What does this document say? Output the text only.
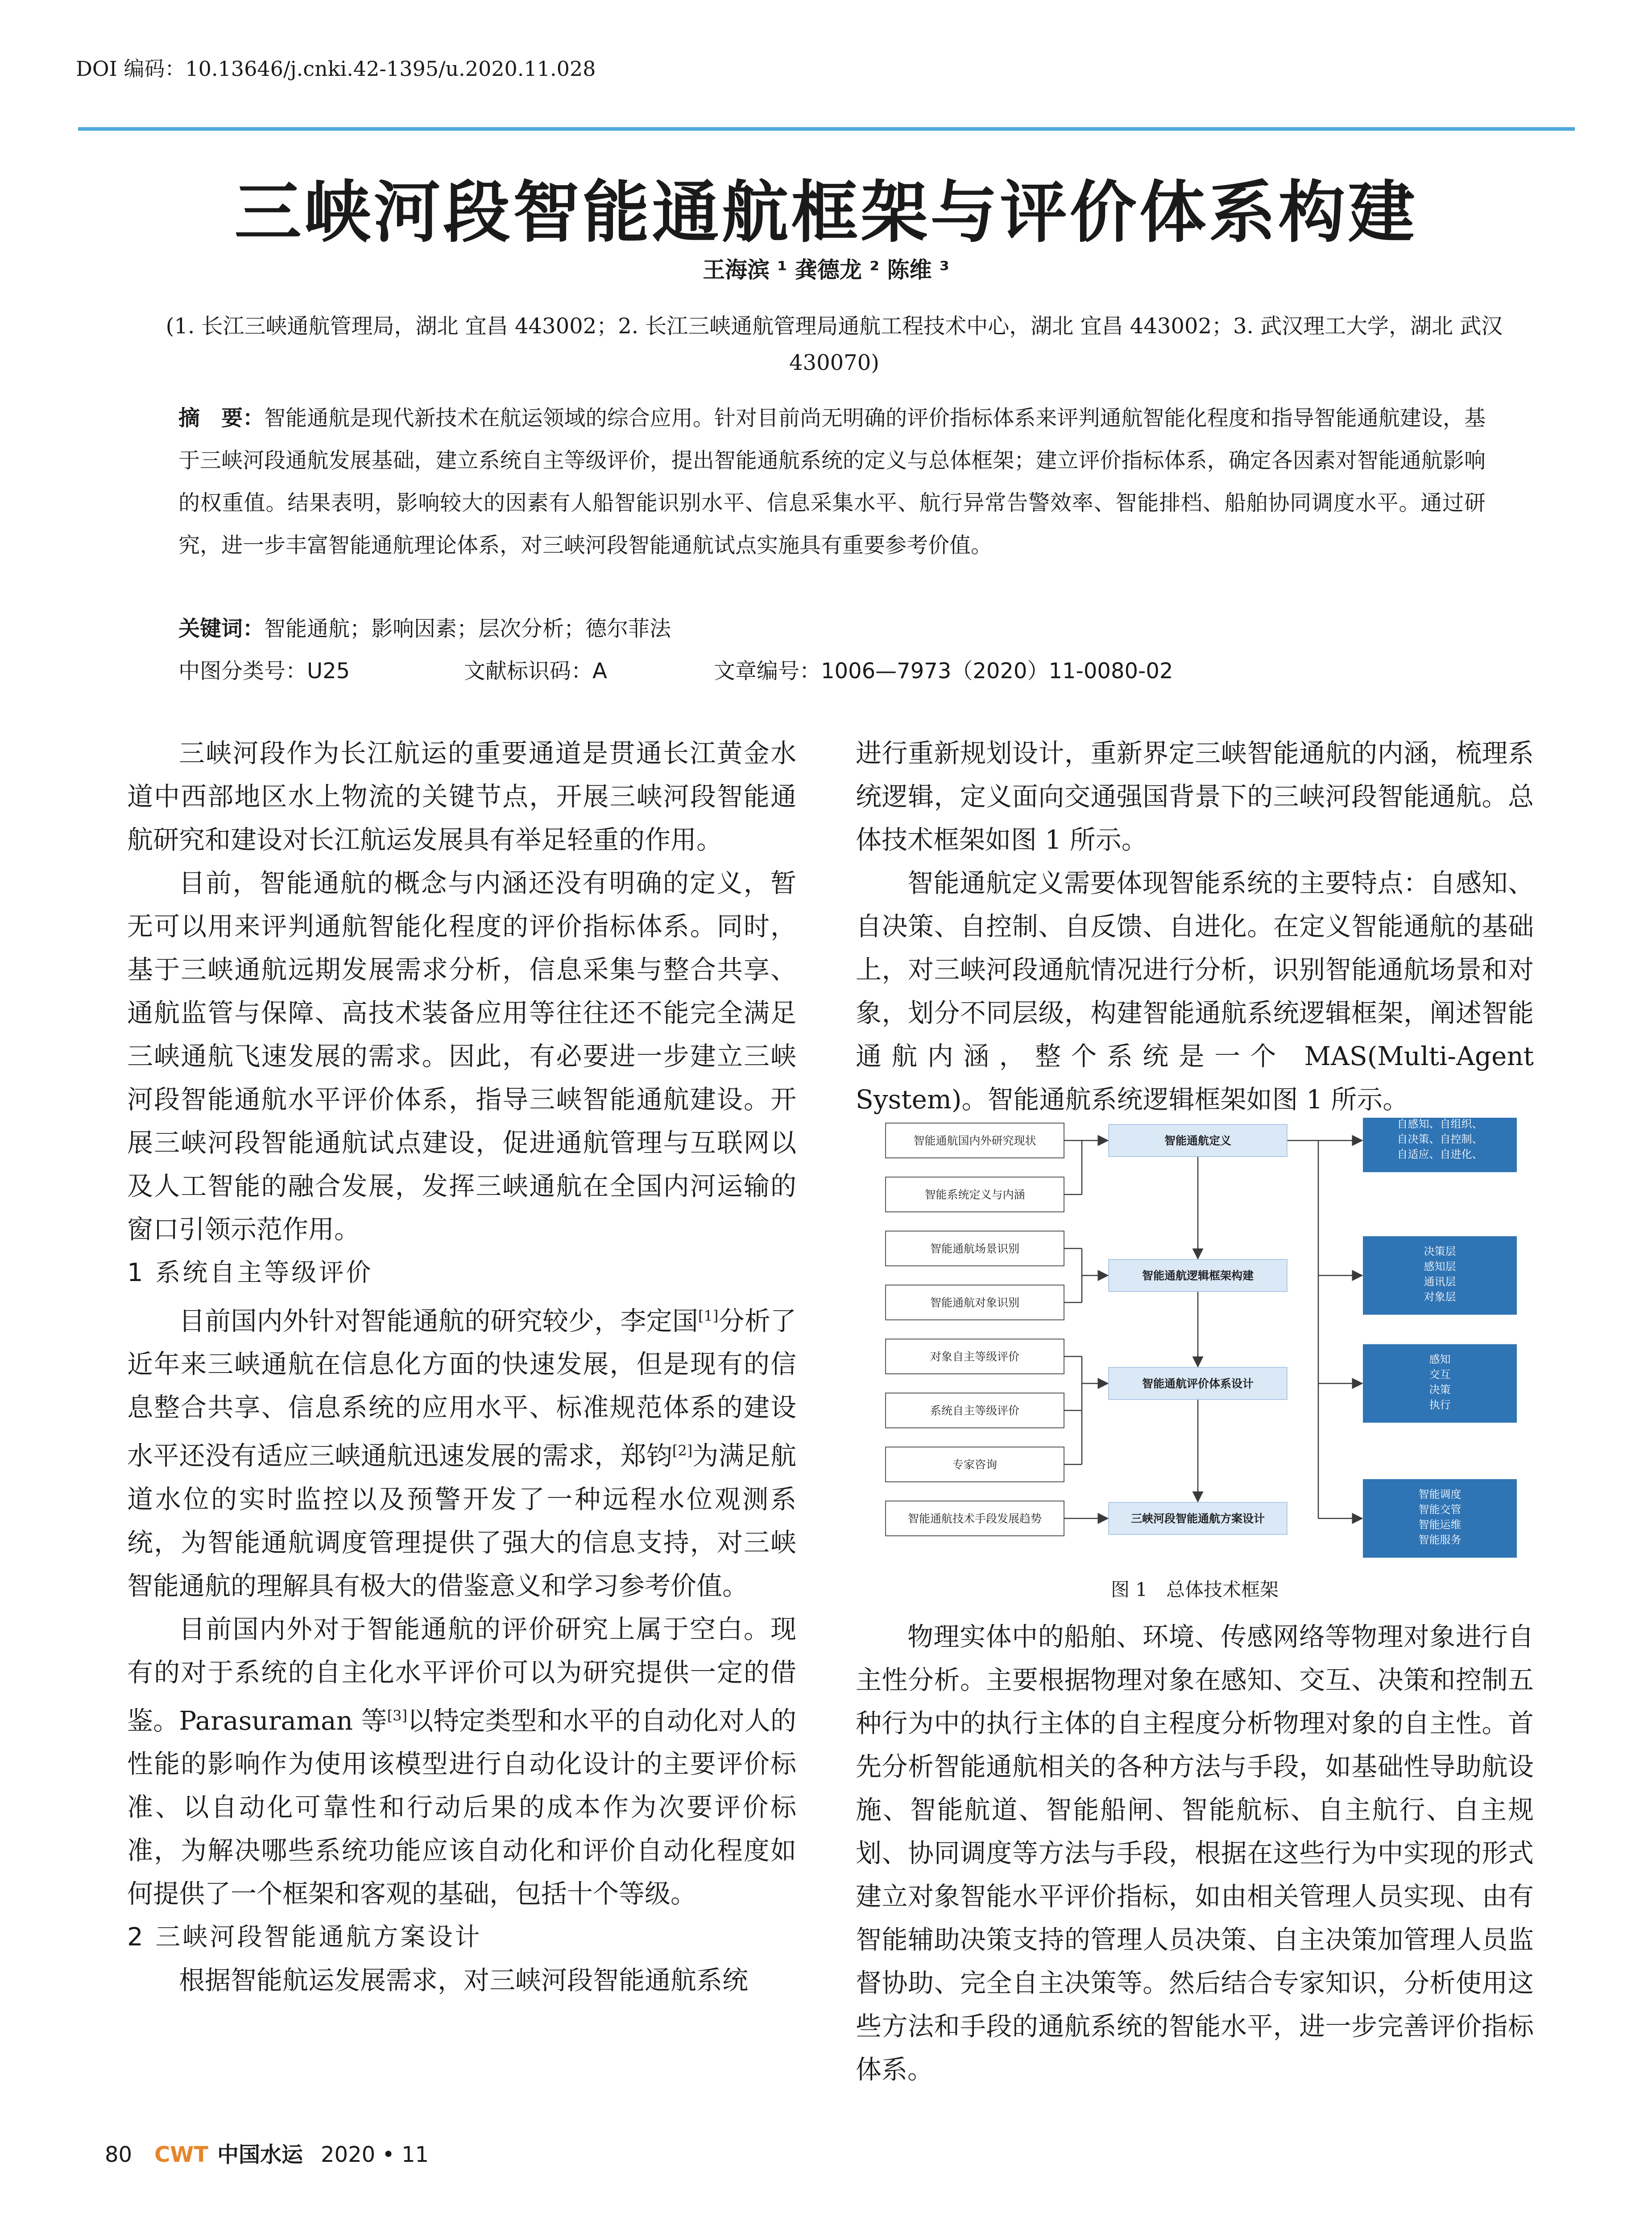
DOI 编码：10.13646/j.cnki.42-1395/u.2020.11.028
三峡河段智能通航框架与评价体系构建
王海滨 ¹ 龚德龙 ² 陈维 ³
(1. 长江三峡通航管理局，湖北 宜昌 443002；2. 长江三峡通航管理局通航工程技术中心，湖北 宜昌 443002；3. 武汉理工大学，湖北 武汉 430070)
摘　要：智能通航是现代新技术在航运领域的综合应用。针对目前尚无明确的评价指标体系来评判通航智能化程度和指导智能通航建设，基于三峡河段通航发展基础，建立系统自主等级评价，提出智能通航系统的定义与总体框架；建立评价指标体系，确定各因素对智能通航影响的权重值。结果表明，影响较大的因素有人船智能识别水平、信息采集水平、航行异常告警效率、智能排档、船舶协同调度水平。通过研究，进一步丰富智能通航理论体系，对三峡河段智能通航试点实施具有重要参考价值。
关键词：智能通航；影响因素；层次分析；德尔菲法
中图分类号：U25	文献标识码：A	文章编号：1006—7973（2020）11-0080-02

三峡河段作为长江航运的重要通道是贯通长江黄金水道中西部地区水上物流的关键节点，开展三峡河段智能通航研究和建设对长江航运发展具有举足轻重的作用。

目前，智能通航的概念与内涵还没有明确的定义，暂无可以用来评判通航智能化程度的评价指标体系。同时，基于三峡通航远期发展需求分析，信息采集与整合共享、通航监管与保障、高技术装备应用等往往还不能完全满足三峡通航飞速发展的需求。因此，有必要进一步建立三峡河段智能通航水平评价体系，指导三峡智能通航建设。开展三峡河段智能通航试点建设，促进通航管理与互联网以及人工智能的融合发展，发挥三峡通航在全国内河运输的窗口引领示范作用。

1 系统自主等级评价

目前国内外针对智能通航的研究较少，李定国[1]分析了近年来三峡通航在信息化方面的快速发展，但是现有的信息整合共享、信息系统的应用水平、标准规范体系的建设水平还没有适应三峡通航迅速发展的需求，郑钧[2]为满足航道水位的实时监控以及预警开发了一种远程水位观测系统，为智能通航调度管理提供了强大的信息支持，对三峡智能通航的理解具有极大的借鉴意义和学习参考价值。

目前国内外对于智能通航的评价研究上属于空白。现有的对于系统的自主化水平评价可以为研究提供一定的借鉴。Parasuraman 等[3]以特定类型和水平的自动化对人的性能的影响作为使用该模型进行自动化设计的主要评价标准、以自动化可靠性和行动后果的成本作为次要评价标准，为解决哪些系统功能应该自动化和评价自动化程度如何提供了一个框架和客观的基础，包括十个等级。

2 三峡河段智能通航方案设计

根据智能航运发展需求，对三峡河段智能通航系统

进行重新规划设计，重新界定三峡智能通航的内涵，梳理系统逻辑，定义面向交通强国背景下的三峡河段智能通航。总体技术框架如图 1 所示。

智能通航定义需要体现智能系统的主要特点：自感知、自决策、自控制、自反馈、自进化。在定义智能通航的基础上，对三峡河段通航情况进行分析，识别智能通航场景和对象，划分不同层级，构建智能通航系统逻辑框架，阐述智能通航内涵，整个系统是一个 MAS(Multi-Agent System)。智能通航系统逻辑框架如图 1 所示。

智能通航国内外研究现状
智能系统定义与内涵
智能通航场景识别
智能通航对象识别
对象自主等级评价
系统自主等级评价
专家咨询
智能通航技术手段发展趋势
智能通航定义
智能通航逻辑框架构建
智能通航评价体系设计
三峡河段智能通航方案设计
自感知、自组织、
自决策、自控制、
自适应、自进化、
决策层
感知层
通讯层
对象层
感知
交互
决策
执行
智能调度
智能交管
智能运维
智能服务
图 1　总体技术框架

物理实体中的船舶、环境、传感网络等物理对象进行自主性分析。主要根据物理对象在感知、交互、决策和控制五种行为中的执行主体的自主程度分析物理对象的自主性。首先分析智能通航相关的各种方法与手段，如基础性导助航设施、智能航道、智能船闸、智能航标、自主航行、自主规划、协同调度等方法与手段，根据在这些行为中实现的形式建立对象智能水平评价指标，如由相关管理人员实现、由有智能辅助决策支持的管理人员决策、自主决策加管理人员监督协助、完全自主决策等。然后结合专家知识，分析使用这些方法和手段的通航系统的智能水平，进一步完善评价指标体系。

80 CWT 中国水运 2020 • 11
